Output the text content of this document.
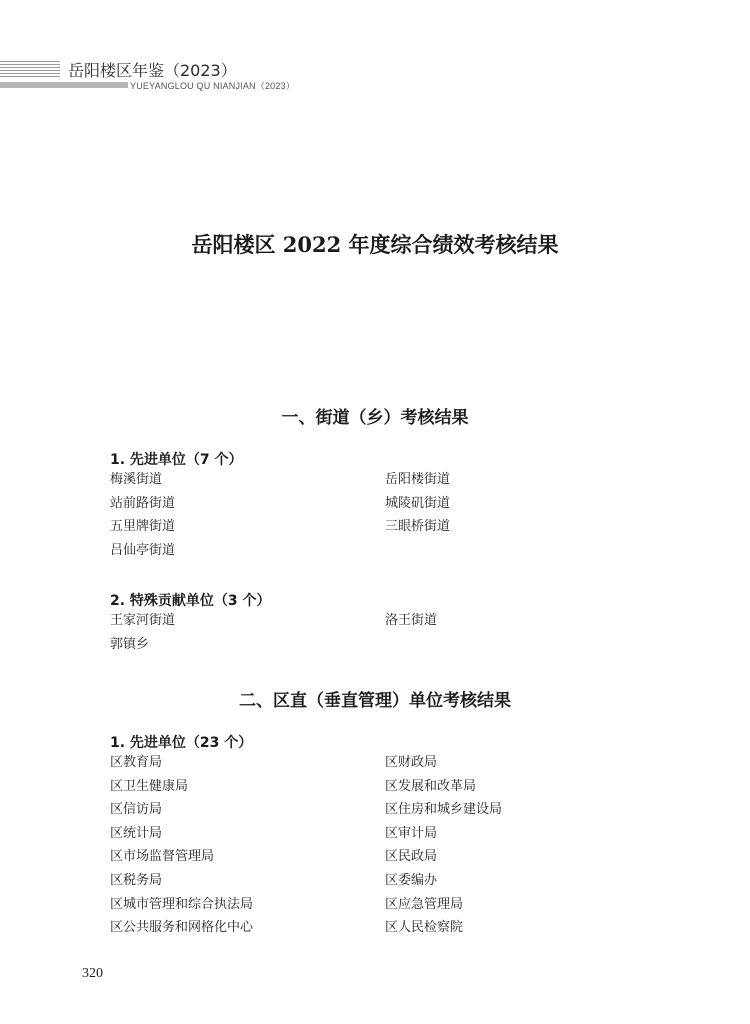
岳阳楼区年鉴（2023）
YUEYANGLOU QU NIANJIAN（2023）
岳阳楼区 2022 年度综合绩效考核结果
一、街道（乡）考核结果
1. 先进单位（7 个）
梅溪街道	岳阳楼街道
站前路街道	城陵矶街道
五里牌街道	三眼桥街道
吕仙亭街道
2. 特殊贡献单位（3 个）
王家河街道	洛王街道
郭镇乡
二、区直（垂直管理）单位考核结果
1. 先进单位（23 个）
区教育局	区财政局
区卫生健康局	区发展和改革局
区信访局	区住房和城乡建设局
区统计局	区审计局
区市场监督管理局	区民政局
区税务局	区委编办
区城市管理和综合执法局	区应急管理局
区公共服务和网格化中心	区人民检察院
320
